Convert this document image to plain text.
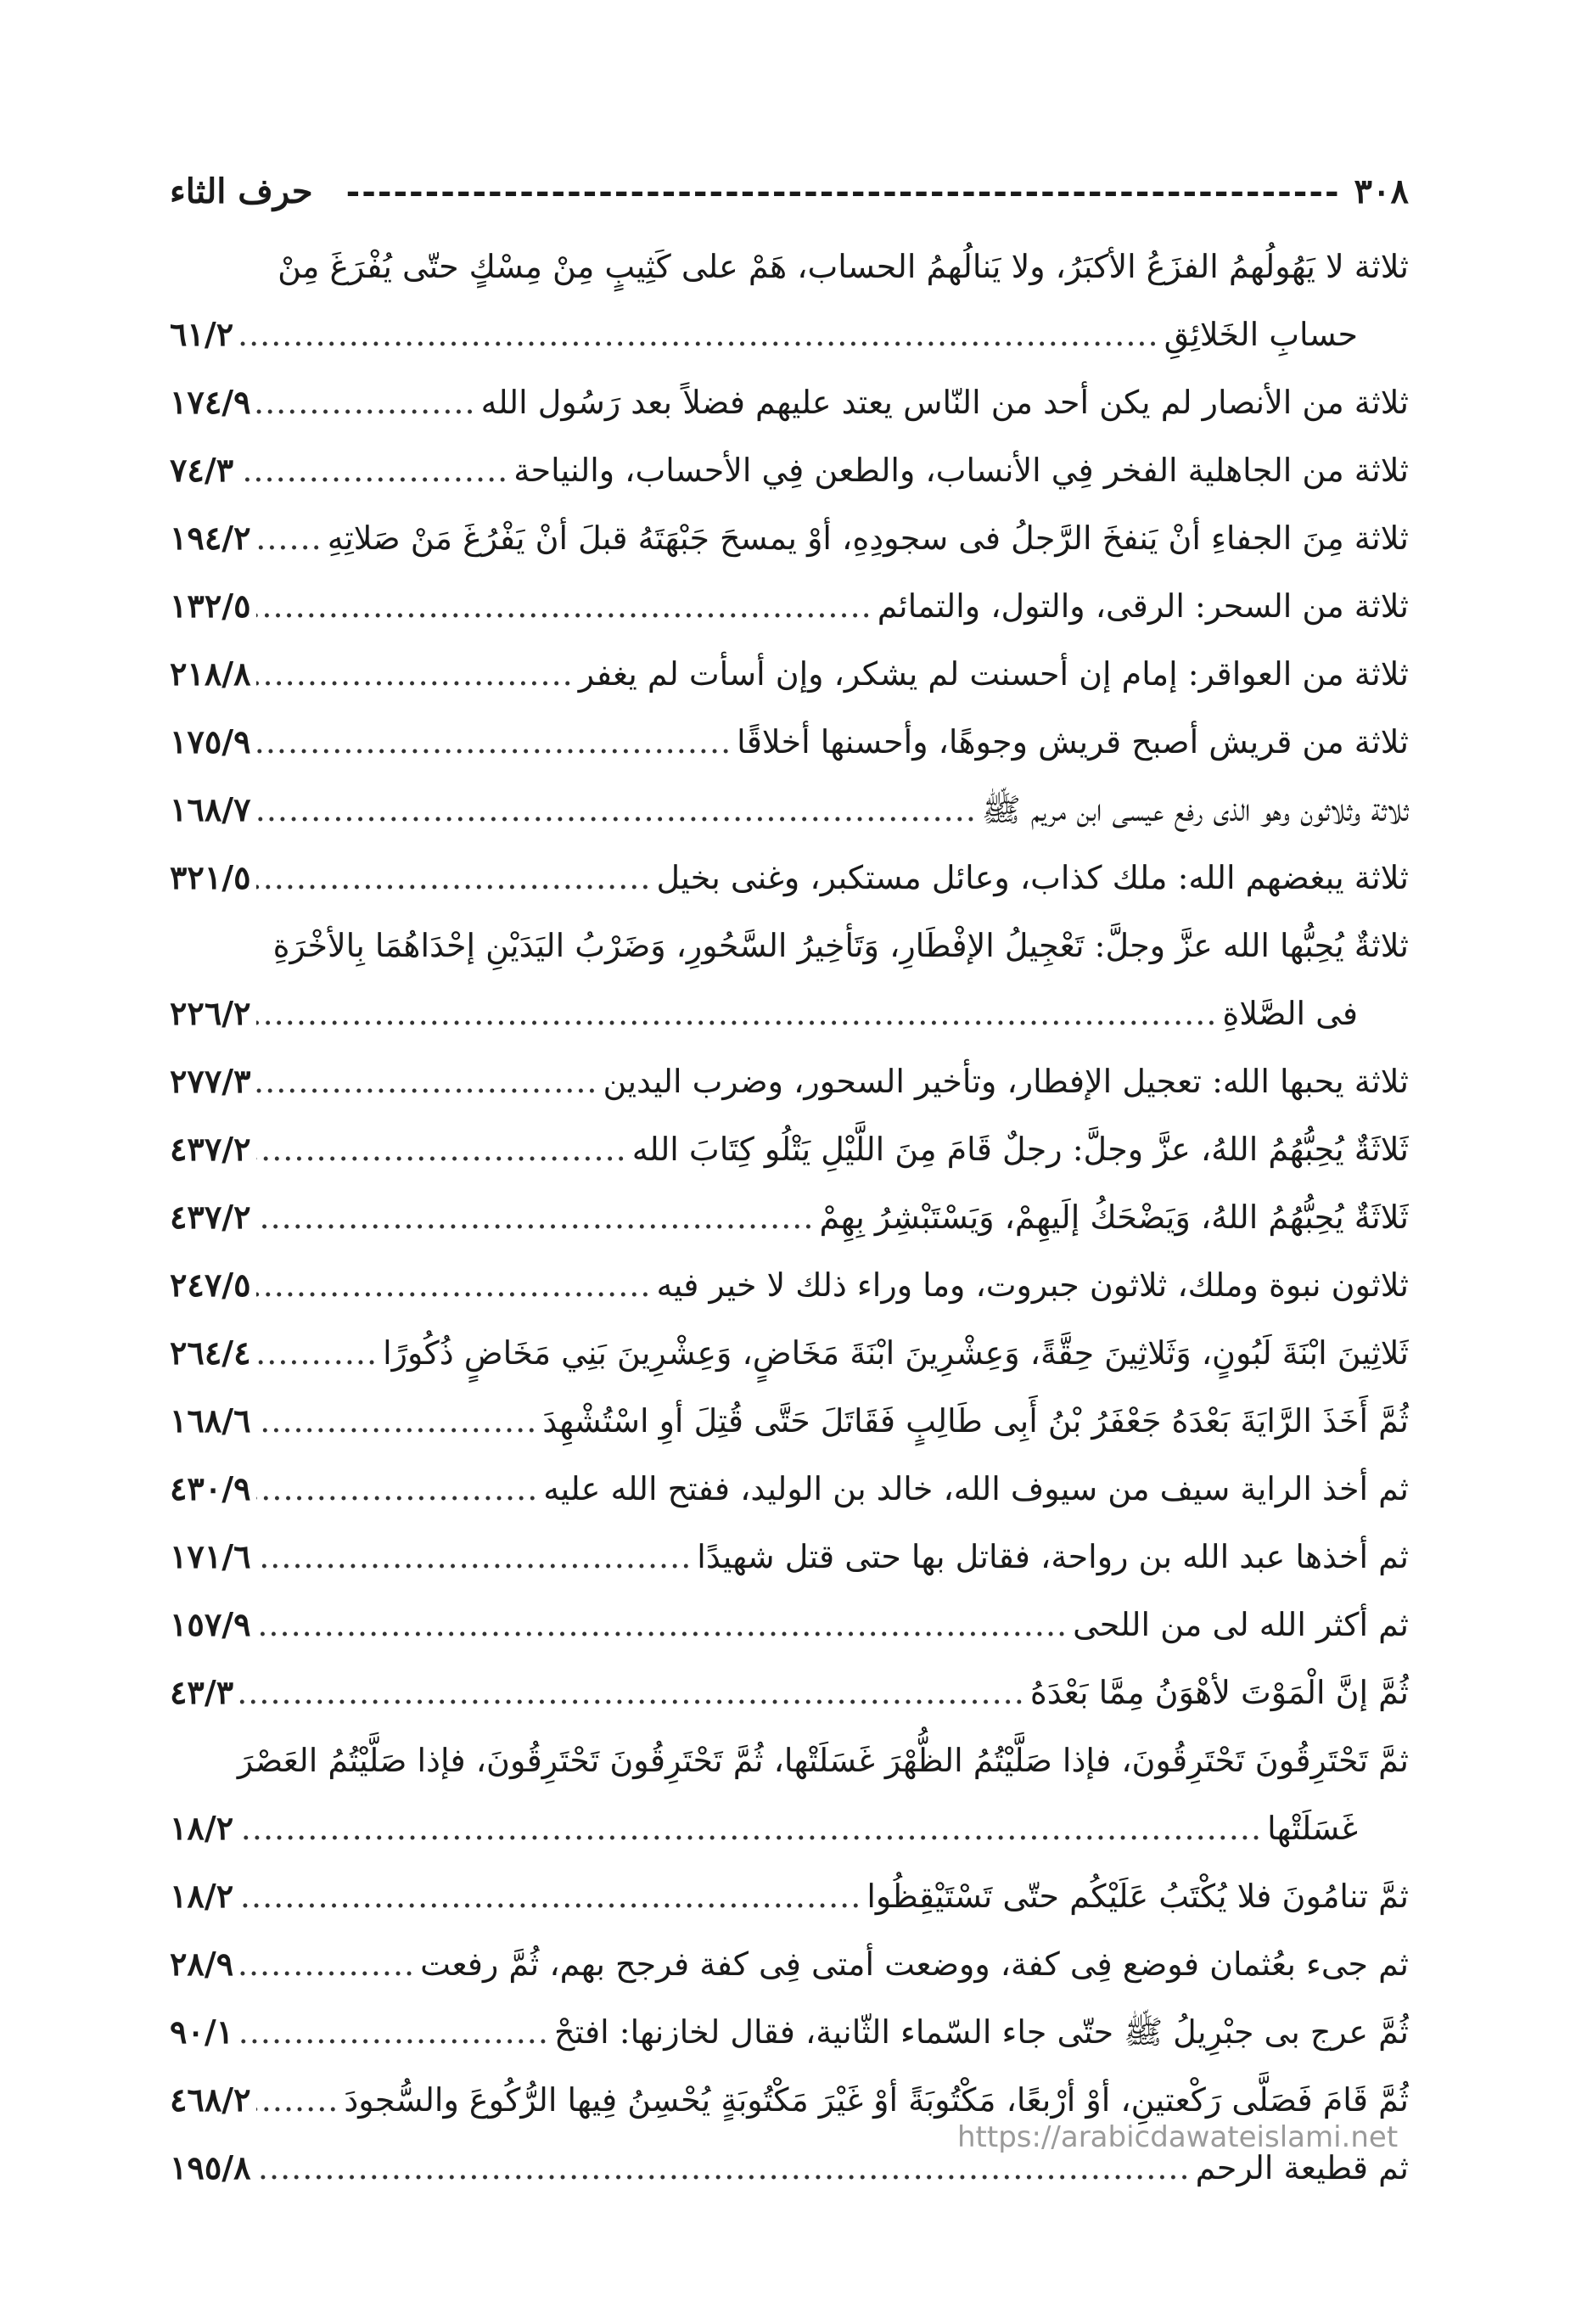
٣٠٨
---------------------------------------------------------------
حرف الثاء
ثلاثة لا يَهُولُهمُ الفزَعُ الأكبَرُ، ولا يَنالُهمُ الحساب، هَمْ على كَثِيبٍ مِنْ مِسْكٍ حتّى يُفْرَغَ مِنْ
حسابِ الخَلائِقِ
.....
٦١/٢
ثلاثة من الأنصار لم يكن أحد من النّاس يعتد عليهم فضلاً بعد رَسُول الله
.....
١٧٤/٩
ثلاثة من الجاهلية الفخر فِي الأنساب، والطعن فِي الأحساب، والنياحة
.....
٧٤/٣
ثلاثة مِنَ الجفاءِ أنْ يَنفخَ الرَّجلُ فى سجودِهِ، أوْ يمسحَ جَبْهَتَهُ قبلَ أنْ يَفْرُغَ مَنْ صَلاتِهِ
.....
١٩٤/٢
ثلاثة من السحر: الرقى، والتول، والتمائم
.....
١٣٢/٥
ثلاثة من العواقر: إمام إن أحسنت لم يشكر، وإن أسأت لم يغفر
.....
٢١٨/٨
ثلاثة من قريش أصبح قريش وجوهًا، وأحسنها أخلاقًا
.....
١٧٥/٩
ثلاثة وثلاثون وهو الذى رفع عيسى ابن مريم ﷺ
.....
١٦٨/٧
ثلاثة يبغضهم الله: ملك كذاب، وعائل مستكبر، وغنى بخيل
.....
٣٢١/٥
ثلاثةٌ يُحِبُّها الله عزَّ وجلَّ: تَعْجِيلُ الإفْطَارِ، وَتَأخِيرُ السَّحُورِ، وَضَرْبُ اليَدَيْنِ إحْدَاهُمَا بِالأخْرَةِ
فى الصَّلاةِ
.....
٢٢٦/٢
ثلاثة يحبها الله: تعجيل الإفطار، وتأخير السحور، وضرب اليدين
.....
٢٧٧/٣
ثَلاثَةٌ يُحِبُّهُمُ اللهُ، عزَّ وجلَّ: رجلٌ قَامَ مِنَ اللَّيْلِ يَتْلُو كِتَابَ الله
.....
٤٣٧/٢
ثَلاثَةٌ يُحِبُّهُمُ اللهُ، وَيَضْحَكُ إلَيهِمْ، وَيَسْتَبْشِرُ بِهِمْ
.....
٤٣٧/٢
ثلاثون نبوة وملك، ثلاثون جبروت، وما وراء ذلك لا خير فيه
.....
٢٤٧/٥
ثَلاثِينَ ابْنَةَ لَبُونٍ، وَثَلاثِينَ حِقَّةً، وَعِشْرِينَ ابْنَةَ مَخَاضٍ، وَعِشْرِينَ بَنِي مَخَاضٍ ذُكُورًا
.....
٢٦٤/٤
ثُمَّ أَخَذَ الرَّايَةَ بَعْدَهُ جَعْفَرُ بْنُ أَبِى طَالِبٍ فَقَاتَلَ حَتَّى قُتِلَ أوِ اسْتُشْهِدَ
.....
١٦٨/٦
ثم أخذ الراية سيف من سيوف الله، خالد بن الوليد، ففتح الله عليه
.....
٤٣٠/٩
ثم أخذها عبد الله بن رواحة، فقاتل بها حتى قتل شهيدًا
.....
١٧١/٦
ثم أكثر الله لى من اللحى
.....
١٥٧/٩
ثُمَّ إنَّ الْمَوْتَ لأهْوَنُ مِمَّا بَعْدَهُ
.....
٤٣/٣
ثمَّ تَحْتَرِقُونَ تَحْتَرِقُونَ، فإذا صَلَّيْتُمُ الظُّهْرَ غَسَلَتْها، ثُمَّ تَحْتَرِقُونَ تَحْتَرِقُونَ، فإذا صَلَّيْتُمُ العَصْرَ
غَسَلَتْها
.....
١٨/٢
ثمَّ تنامُونَ فلا يُكْتَبُ عَلَيْكُم حتّى تَسْتَيْقِظُوا
.....
١٨/٢
ثم جىء بعُثمان فوضع فِى كفة، ووضعت أمتى فِى كفة فرجح بهم، ثُمَّ رفعت
.....
٢٨/٩
ثُمَّ عرج بى جبْرِيلُ ﷺ حتّى جاء السّماء الثّانية، فقال لخازنها: افتحْ
.....
٩٠/١
ثُمَّ قَامَ فَصَلَّى رَكْعتينِ، أوْ أرْبعًا، مَكْتُوبَةً أوْ غَيْرَ مَكْتُوبَةٍ يُحْسِنُ فِيها الرُّكُوعَ والسُّجودَ
.....
٤٦٨/٢
ثم قطيعة الرحم
.....
١٩٥/٨
https://arabicdawateislami.net
